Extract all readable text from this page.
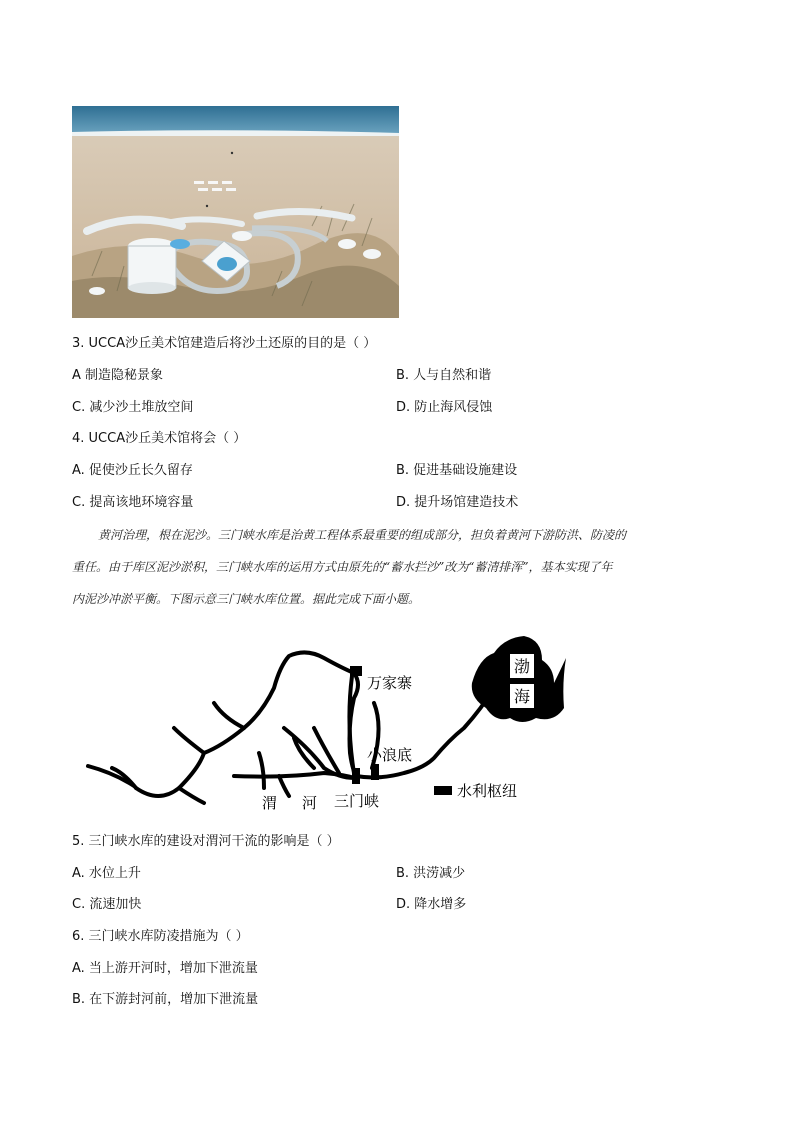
3. UCCA沙丘美术馆建造后将沙土还原的目的是（ ）
A 制造隐秘景象	B. 人与自然和谐
C. 减少沙土堆放空间	D. 防止海风侵蚀
4. UCCA沙丘美术馆将会（ ）
A. 促使沙丘长久留存	B. 促进基础设施建设
C. 提高该地环境容量	D. 提升场馆建造技术
黄河治理，根在泥沙。三门峡水库是治黄工程体系最重要的组成部分，担负着黄河下游防洪、防凌的
重任。由于库区泥沙淤积，三门峡水库的运用方式由原先的“蓄水拦沙”改为“蓄清排浑”，基本实现了年
内泥沙冲淤平衡。下图示意三门峡水库位置。据此完成下面小题。
万家寨
小浪底
三门峡
渭 河
水利枢纽
渤
海
5. 三门峡水库的建设对渭河干流的影响是（ ）
A. 水位上升	B. 洪涝减少
C. 流速加快	D. 降水增多
6. 三门峡水库防凌措施为（ ）
A. 当上游开河时，增加下泄流量
B. 在下游封河前，增加下泄流量
